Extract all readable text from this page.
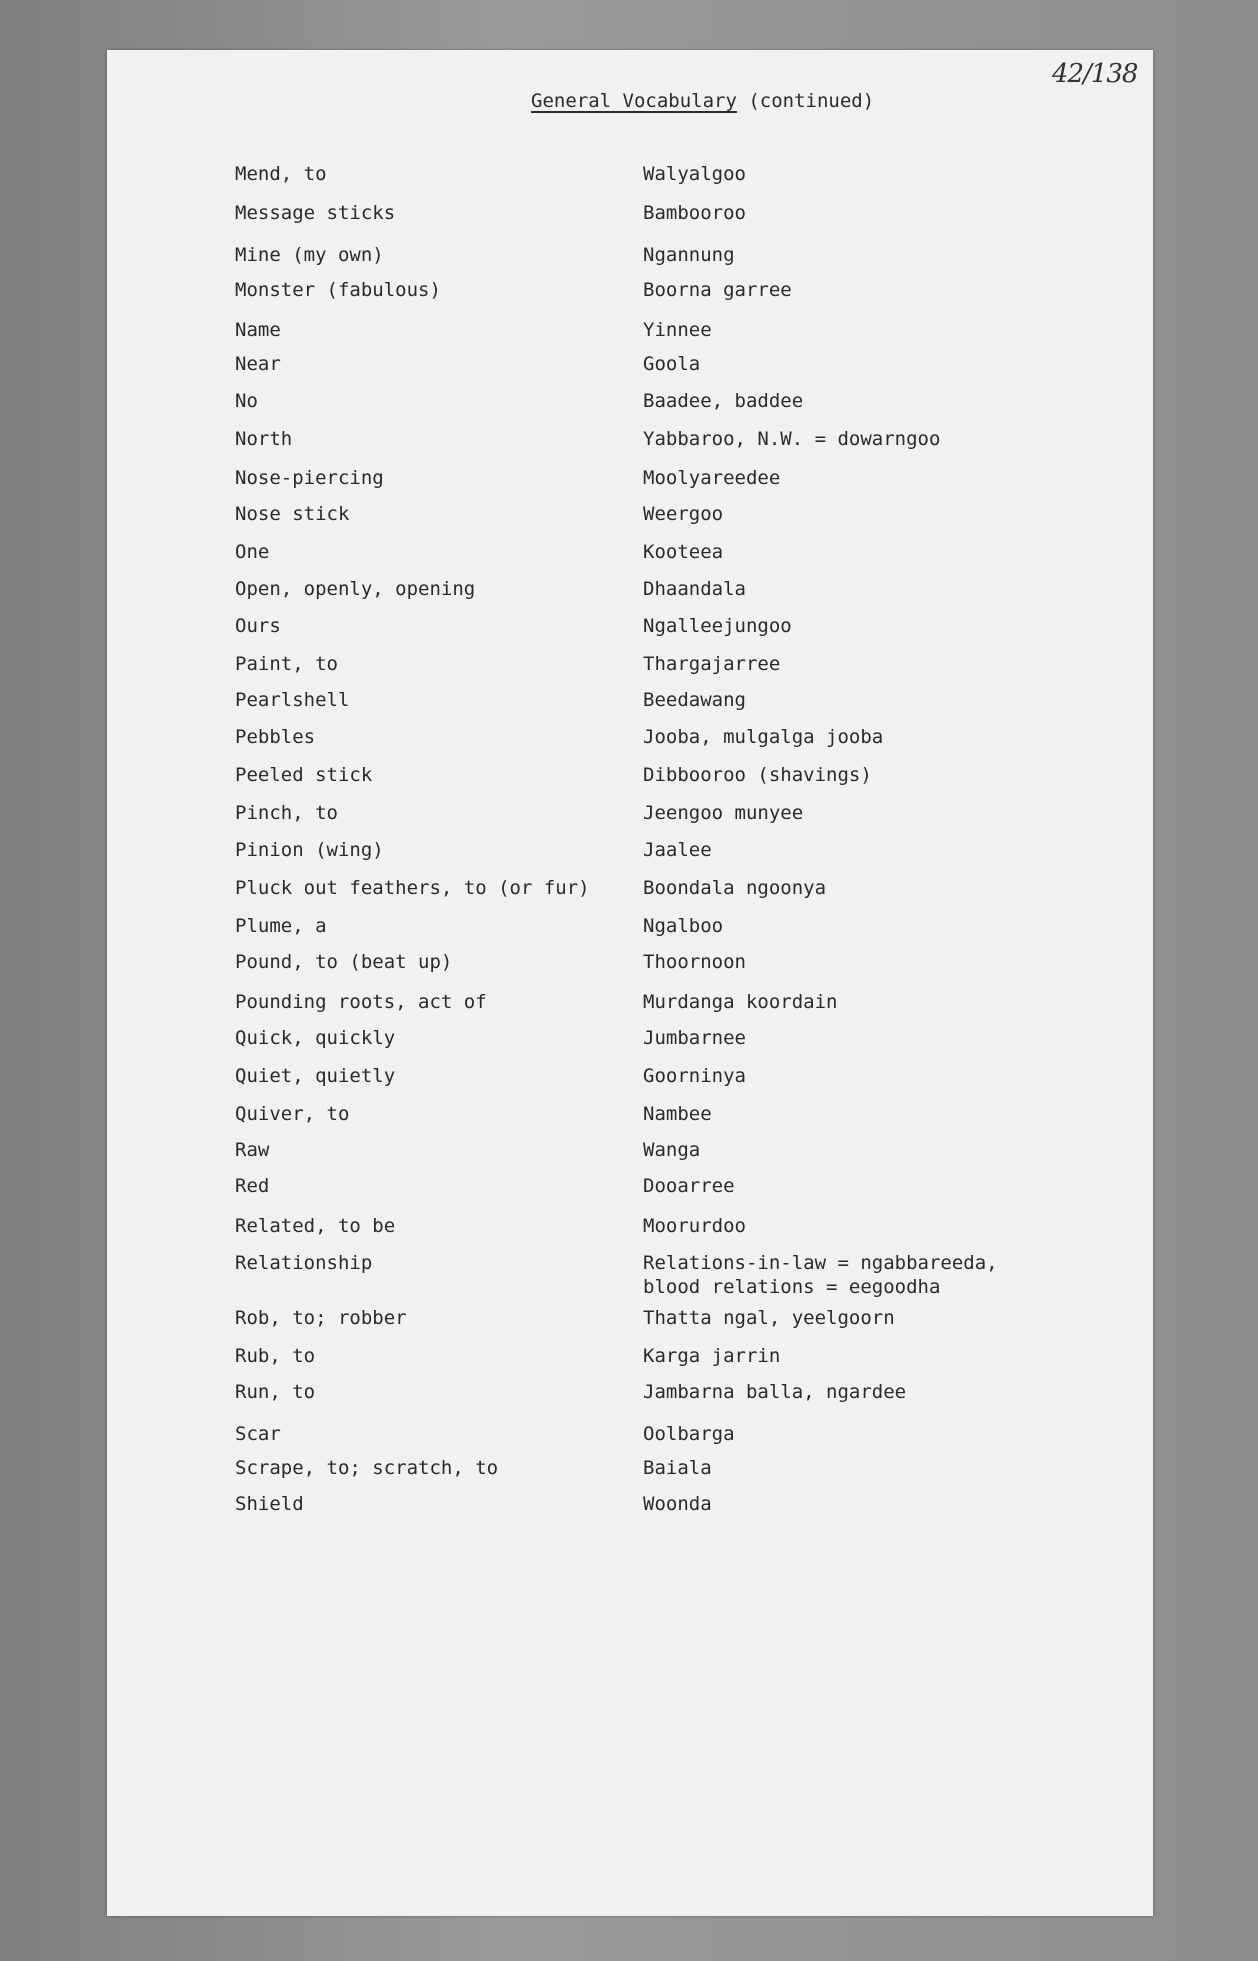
42/138
General Vocabulary (continued)
Mend, to	Walyalgoo
Message sticks	Bambooroo
Mine (my own)	Ngannung
Monster (fabulous)	Boorna garree
Name	Yinnee
Near	Goola
No	Baadee, baddee
North	Yabbaroo, N.W. = dowarngoo
Nose-piercing	Moolyareedee
Nose stick	Weergoo
One	Kooteea
Open, openly, opening	Dhaandala
Ours	Ngalleejungoo
Paint, to	Thargajarree
Pearlshell	Beedawang
Pebbles	Jooba, mulgalga jooba
Peeled stick	Dibbooroo (shavings)
Pinch, to	Jeengoo munyee
Pinion (wing)	Jaalee
Pluck out feathers, to (or fur)	Boondala ngoonya
Plume, a	Ngalboo
Pound, to (beat up)	Thoornoon
Pounding roots, act of	Murdanga koordain
Quick, quickly	Jumbarnee
Quiet, quietly	Goorninya
Quiver, to	Nambee
Raw	Wanga
Red	Dooarree
Related, to be	Moorurdoo
Relationship	Relations-in-law = ngabbareeda,
blood relations = eegoodha
Rob, to; robber	Thatta ngal, yeelgoorn
Rub, to	Karga jarrin
Run, to	Jambarna balla, ngardee
Scar	Oolbarga
Scrape, to; scratch, to	Baiala
Shield	Woonda
